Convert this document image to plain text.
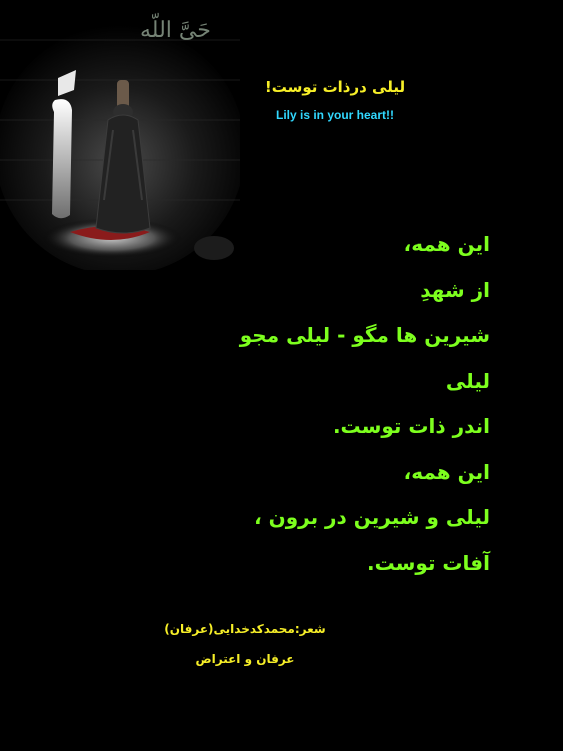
حَیَّ اللّه
لیلی درذات توست!
Lily is in your heart!!
این همه،
از شهدِ
شیرین ها مگو - لیلی مجو
لیلی
اندر ذات توست.
این همه،
لیلی و شیرین در برون ،
آفات توست.
شعر:محمدکدخدایی(عرفان)
عرفان و اعتراض
